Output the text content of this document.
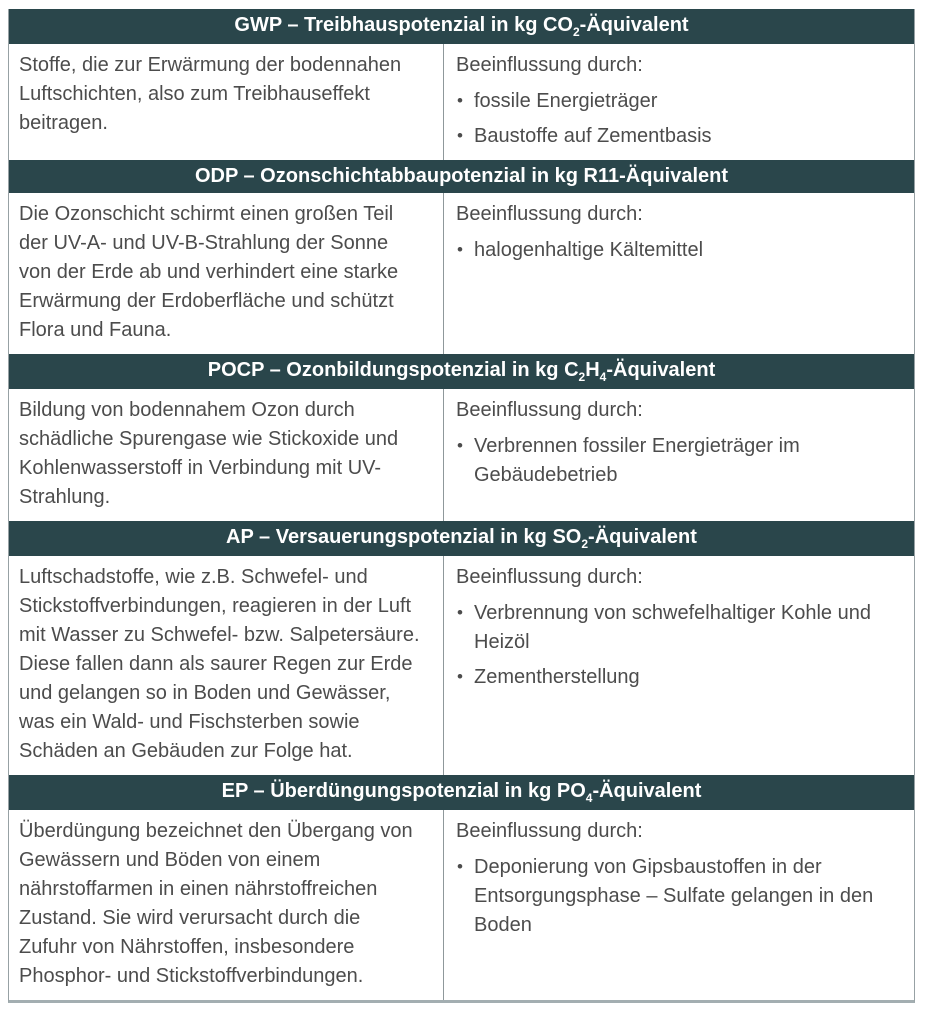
GWP – Treibhauspotenzial in kg $CO_2$-Äquivalent

Stoffe, die zur Erwärmung der bodennahen Luftschichten, also zum Treibhauseffekt beitragen.

Beeinflussung durch:

• fossile Energieträger
• Baustoffe auf Zementbasis
ODP – Ozonschichtabbaupotenzial in kg R11-Äquivalent

Die Ozonschicht schirmt einen großen Teil der UV-A- und UV-B-Strahlung der Sonne von der Erde ab und verhindert eine starke Erwärmung der Erdoberfläche und schützt Flora und Fauna.

Beeinflussung durch:

• halogenhaltige Kältemittel
POCP – Ozonbildungspotenzial in kg $C_2H_4$-Äquivalent

Bildung von bodennahem Ozon durch schädliche Spurengase wie Stickoxide und Kohlenwasserstoff in Verbindung mit UV-Strahlung.

Beeinflussung durch:

• Verbrennen fossiler Energieträger im Gebäudebetrieb
AP – Versauerungspotenzial in kg $SO_2$-Äquivalent

Luftschadstoffe, wie z.B. Schwefel- und Stickstoffverbindungen, reagieren in der Luft mit Wasser zu Schwefel- bzw. Salpetersäure. Diese fallen dann als saurer Regen zur Erde und gelangen so in Boden und Gewässer, was ein Wald- und Fischsterben sowie Schäden an Gebäuden zur Folge hat.

Beeinflussung durch:

• Verbrennung von schwefelhaltiger Kohle und Heizöl
• Zementherstellung
EP – Überdüngungspotenzial in kg $PO_4$-Äquivalent

Überdüngung bezeichnet den Übergang von Gewässern und Böden von einem nährstoffarmen in einen nährstoffreichen Zustand. Sie wird verursacht durch die Zufuhr von Nährstoffen, insbesondere Phosphor- und Stickstoffverbindungen.

Beeinflussung durch:

• Deponierung von Gipsbaustoffen in der Entsorgungsphase – Sulfate gelangen in den Boden
